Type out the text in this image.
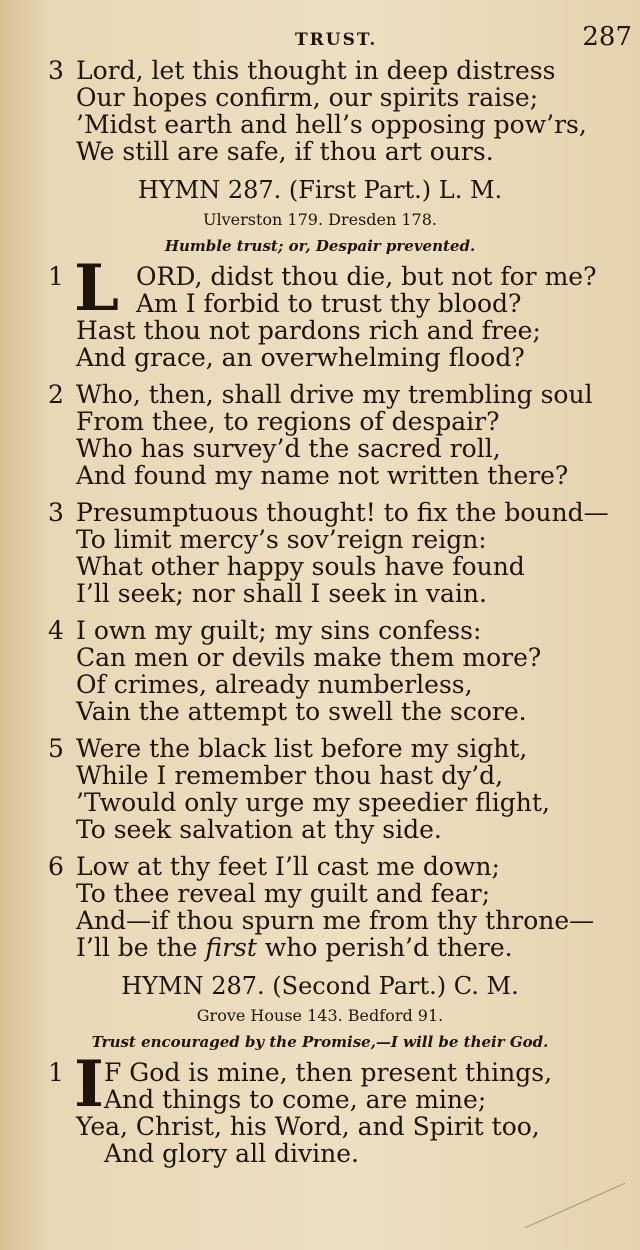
TRUST.	287
3 Lord, let this thought in deep distress
Our hopes confirm, our spirits raise;
’Midst earth and hell’s opposing pow’rs,
We still are safe, if thou art ours.
HYMN 287. (First Part.) L. M.
Ulverston 179. Dresden 178.
Humble trust; or, Despair prevented.
1 L ORD, didst thou die, but not for me?
Am I forbid to trust thy blood?
Hast thou not pardons rich and free;
And grace, an overwhelming flood?
2 Who, then, shall drive my trembling soul
From thee, to regions of despair?
Who has survey’d the sacred roll,
And found my name not written there?
3 Presumptuous thought! to fix the bound—
To limit mercy’s sov’reign reign:
What other happy souls have found
I’ll seek; nor shall I seek in vain.
4 I own my guilt; my sins confess:
Can men or devils make them more?
Of crimes, already numberless,
Vain the attempt to swell the score.
5 Were the black list before my sight,
While I remember thou hast dy’d,
’Twould only urge my speedier flight,
To seek salvation at thy side.
6 Low at thy feet I’ll cast me down;
To thee reveal my guilt and fear;
And—if thou spurn me from thy throne—
I’ll be the first who perish’d there.
HYMN 287. (Second Part.) C. M.
Grove House 143. Bedford 91.
Trust encouraged by the Promise,—I will be their God.
1 I F God is mine, then present things,
And things to come, are mine;
Yea, Christ, his Word, and Spirit too,
And glory all divine.
